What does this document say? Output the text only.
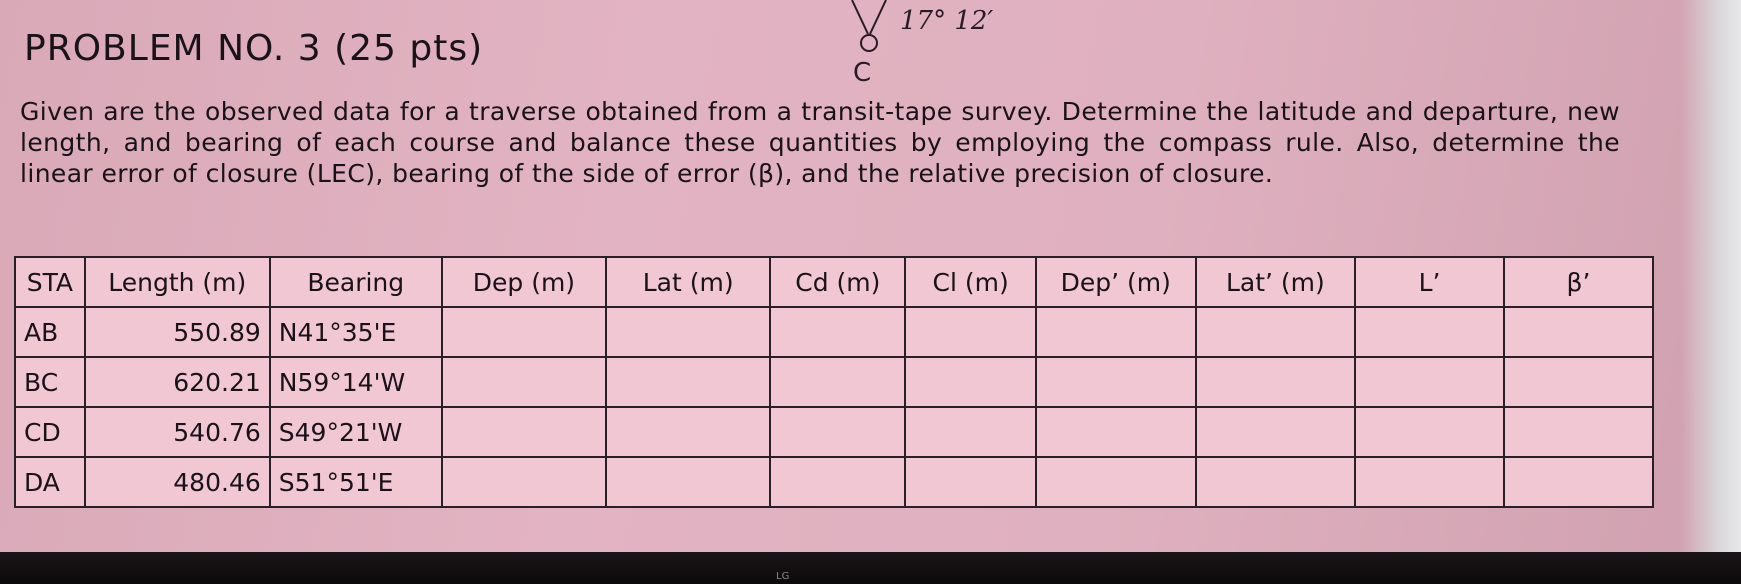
17° 12′
C
PROBLEM NO. 3 (25 pts)

Given are the observed data for a traverse obtained from a transit-tape survey. Determine the latitude and departure, new length, and bearing of each course and balance these quantities by employing the compass rule. Also, determine the linear error of closure (LEC), bearing of the side of error (β), and the relative precision of closure.

STA	Length (m)	Bearing	Dep (m)	Lat (m)	Cd (m)	Cl (m)	Dep’ (m)	Lat’ (m)	L’	β’
AB	550.89	N41°35'E								
BC	620.21	N59°14'W								
CD	540.76	S49°21'W								
DA	480.46	S51°51'E								
LG
